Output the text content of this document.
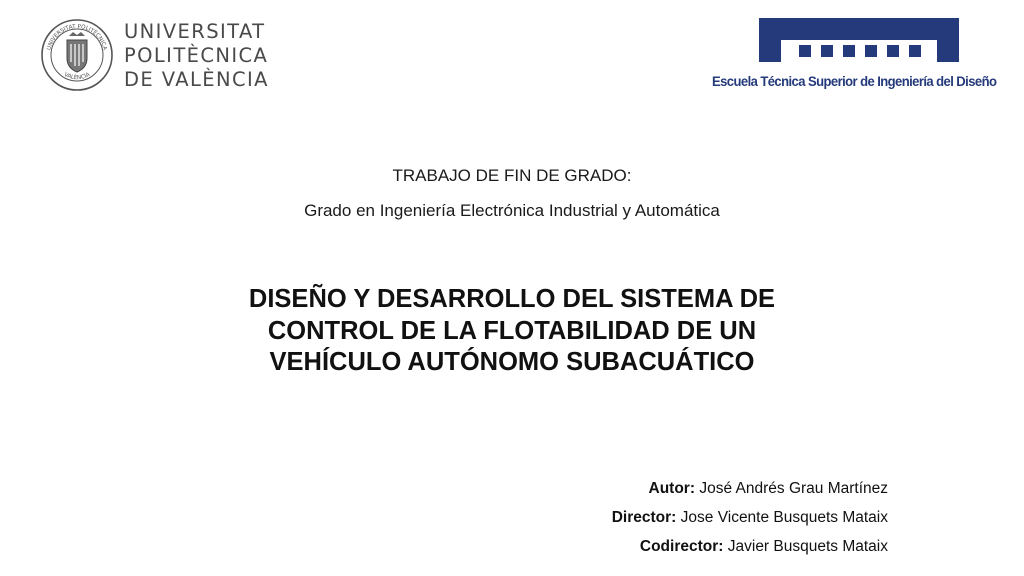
UNIVERSITAT POLITÈCNICA
VALÈNCIA
UNIVERSITAT
POLITÈCNICA
DE VALÈNCIA	Escuela Técnica Superior de Ingeniería del Diseño
TRABAJO DE FIN DE GRADO:
Grado en Ingeniería Electrónica Industrial y Automática
DISEÑO Y DESARROLLO DEL SISTEMA DE
CONTROL DE LA FLOTABILIDAD DE UN
VEHÍCULO AUTÓNOMO SUBACUÁTICO
Autor: José Andrés Grau Martínez
Director: Jose Vicente Busquets Mataix
Codirector: Javier Busquets Mataix
